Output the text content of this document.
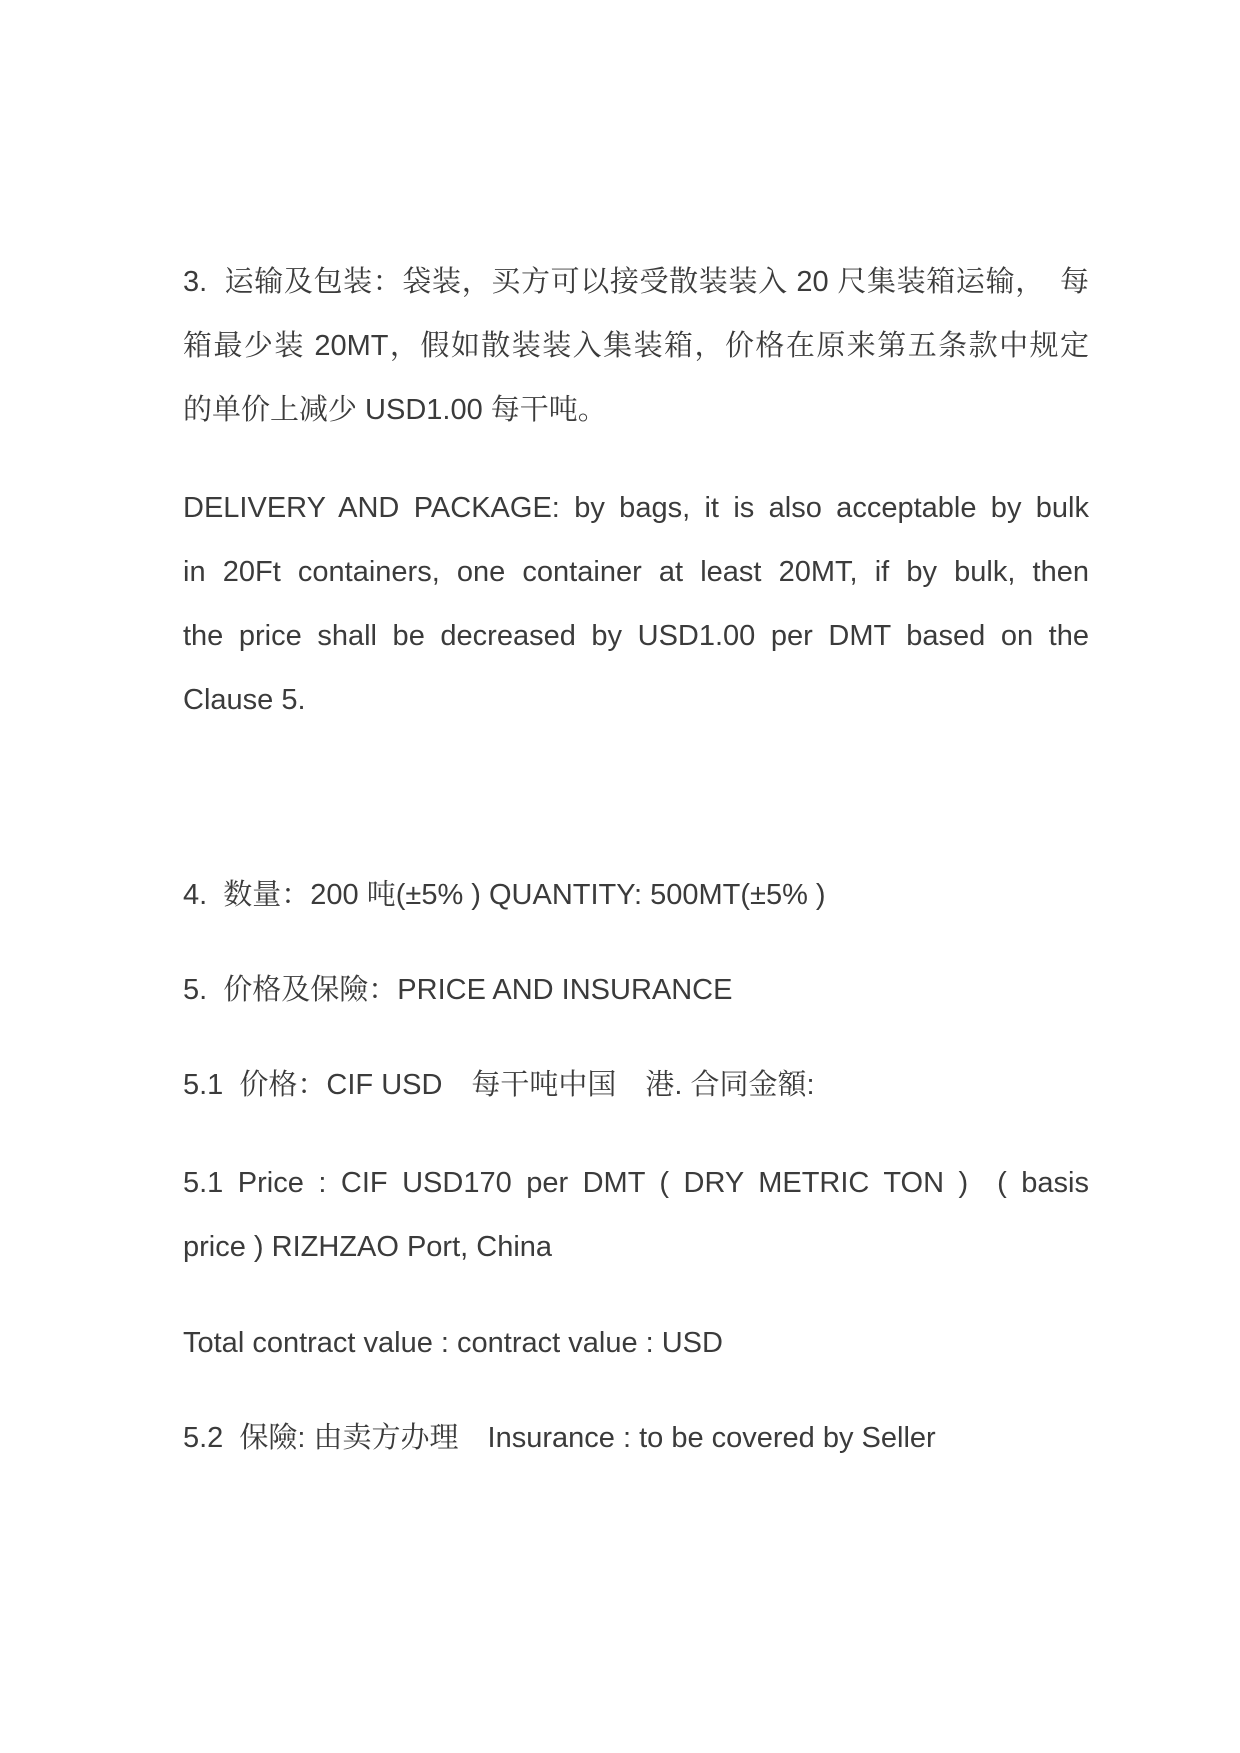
3.  运输及包装：袋装，买方可以接受散装装入 20 尺集装箱运输，　每
箱最少装 20MT，假如散装装入集装箱，价格在原来第五条款中规定
的单价上减少 USD1.00 每干吨。
DELIVERY AND PACKAGE: by bags, it is also acceptable by bulk
in 20Ft containers, one container at least 20MT, if by bulk, then
the price shall be decreased by USD1.00 per DMT based on the
Clause 5.
4.  数量：200 吨(±5% ) QUANTITY: 500MT(±5% )
5.  价格及保險：PRICE AND INSURANCE
5.1  价格：CIF USD　每干吨中国　港. 合同金額:
5.1 Price : CIF USD170 per DMT ( DRY METRIC TON )  ( basis
price ) RIZHZAO Port, China
Total contract value : contract value : USD
5.2  保險: 由卖方办理　Insurance : to be covered by Seller
